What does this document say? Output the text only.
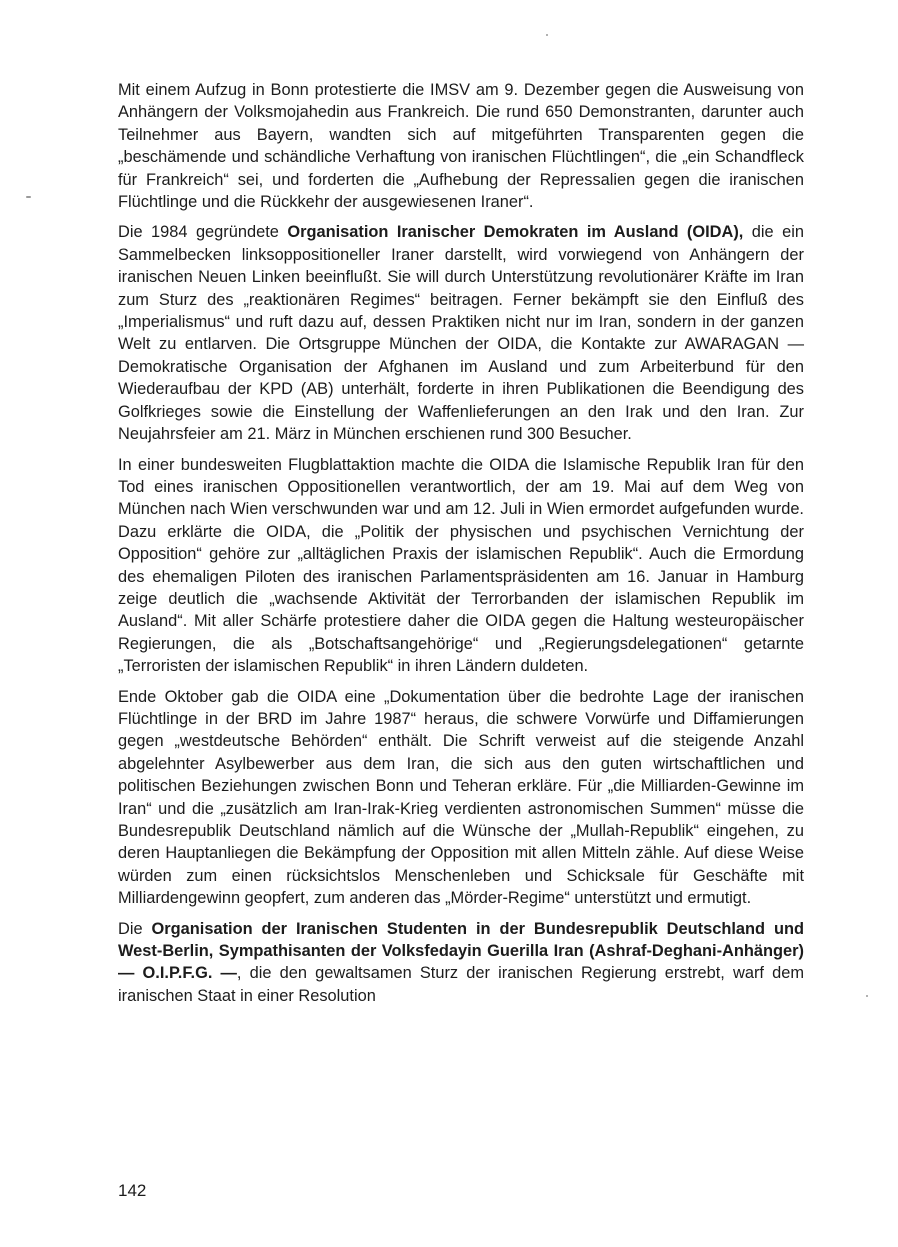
Mit einem Aufzug in Bonn protestierte die IMSV am 9. Dezember gegen die Ausweisung von Anhängern der Volksmojahedin aus Frankreich. Die rund 650 Demonstranten, darunter auch Teilnehmer aus Bayern, wandten sich auf mitgeführten Transparenten gegen die „beschämende und schändliche Verhaftung von iranischen Flüchtlingen“, die „ein Schandfleck für Frankreich“ sei, und forderten die „Aufhebung der Repressalien gegen die iranischen Flüchtlinge und die Rückkehr der ausgewiesenen Iraner“.

Die 1984 gegründete Organisation Iranischer Demokraten im Ausland (OIDA), die ein Sammelbecken linksoppositioneller Iraner darstellt, wird vorwiegend von Anhängern der iranischen Neuen Linken beeinflußt. Sie will durch Unterstützung revolutionärer Kräfte im Iran zum Sturz des „reaktionären Regimes“ beitragen. Ferner bekämpft sie den Einfluß des „Imperialismus“ und ruft dazu auf, dessen Praktiken nicht nur im Iran, sondern in der ganzen Welt zu entlarven. Die Ortsgruppe München der OIDA, die Kontakte zur AWARAGAN — Demokratische Organisation der Afghanen im Ausland und zum Arbeiterbund für den Wiederaufbau der KPD (AB) unterhält, forderte in ihren Publikationen die Beendigung des Golfkrieges sowie die Einstellung der Waffenlieferungen an den Irak und den Iran. Zur Neujahrsfeier am 21. März in München erschienen rund 300 Besucher.

In einer bundesweiten Flugblattaktion machte die OIDA die Islamische Republik Iran für den Tod eines iranischen Oppositionellen verantwortlich, der am 19. Mai auf dem Weg von München nach Wien verschwunden war und am 12. Juli in Wien ermordet aufgefunden wurde. Dazu erklärte die OIDA, die „Politik der physischen und psychischen Vernichtung der Opposition“ gehöre zur „alltäglichen Praxis der islamischen Republik“. Auch die Ermordung des ehemaligen Piloten des iranischen Parlamentspräsidenten am 16. Januar in Hamburg zeige deutlich die „wachsende Aktivität der Terrorbanden der islamischen Republik im Ausland“. Mit aller Schärfe protestiere daher die OIDA gegen die Haltung westeuropäischer Regierungen, die als „Botschaftsangehörige“ und „Regierungsdelegationen“ getarnte „Terroristen der islamischen Republik“ in ihren Ländern duldeten.

Ende Oktober gab die OIDA eine „Dokumentation über die bedrohte Lage der iranischen Flüchtlinge in der BRD im Jahre 1987“ heraus, die schwere Vorwürfe und Diffamierungen gegen „westdeutsche Behörden“ enthält. Die Schrift verweist auf die steigende Anzahl abgelehnter Asylbewerber aus dem Iran, die sich aus den guten wirtschaftlichen und politischen Beziehungen zwischen Bonn und Teheran erkläre. Für „die Milliarden-Gewinne im Iran“ und die „zusätzlich am Iran-Irak-Krieg verdienten astronomischen Summen“ müsse die Bundesrepublik Deutschland nämlich auf die Wünsche der „Mullah-Republik“ eingehen, zu deren Hauptanliegen die Bekämpfung der Opposition mit allen Mitteln zähle. Auf diese Weise würden zum einen rücksichtslos Menschenleben und Schicksale für Geschäfte mit Milliardengewinn geopfert, zum anderen das „Mörder-Regime“ unterstützt und ermutigt.

Die Organisation der Iranischen Studenten in der Bundesrepublik Deutschland und West-Berlin, Sympathisanten der Volksfedayin Guerilla Iran (Ashraf-Deghani-Anhänger) — O.I.P.F.G. —, die den gewaltsamen Sturz der iranischen Regierung erstrebt, warf dem iranischen Staat in einer Resolution

142
